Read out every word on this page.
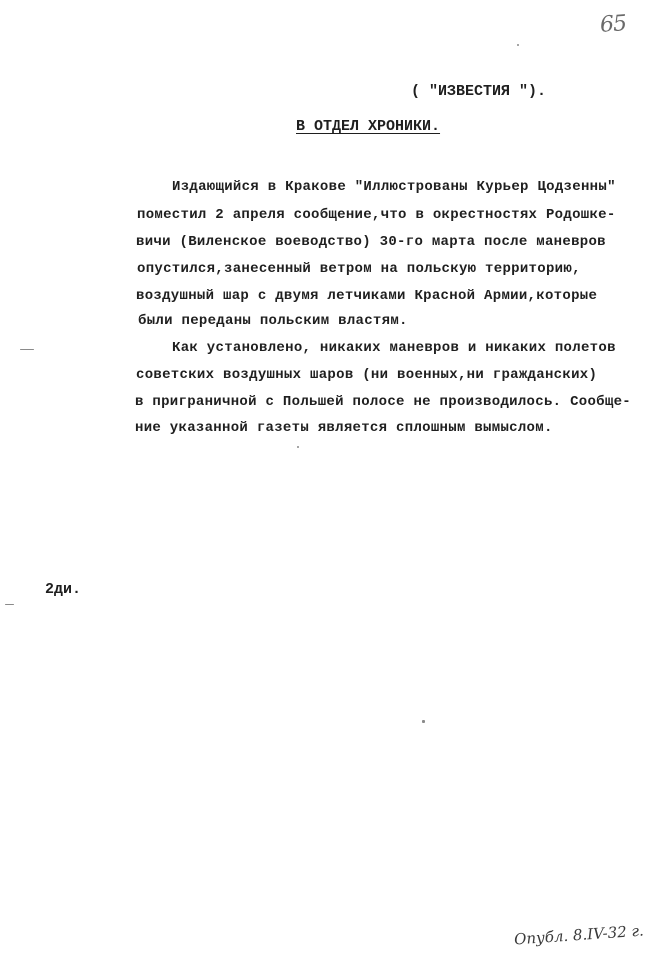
65
( "ИЗВЕСТИЯ ").
В ОТДЕЛ ХРОНИКИ.
Издающийся в Кракове "Иллюстрованы Курьер Цодзенны"
поместил 2 апреля сообщение,что в окрестностях Родошке-
вичи (Виленское воеводство) 30-го марта после маневров
опустился,занесенный ветром на польскую территорию,
воздушный шар с двумя летчиками Красной Армии,которые
были переданы польским властям.
Как установлено, никаких маневров и никаких полетов
советских воздушных шаров (ни военных,ни гражданских)
в приграничной с Польшей полосе не производилось. Сообще-
ние указанной газеты является сплошным вымыслом.
2ди.
Опубл. 8.IV-32 г.
